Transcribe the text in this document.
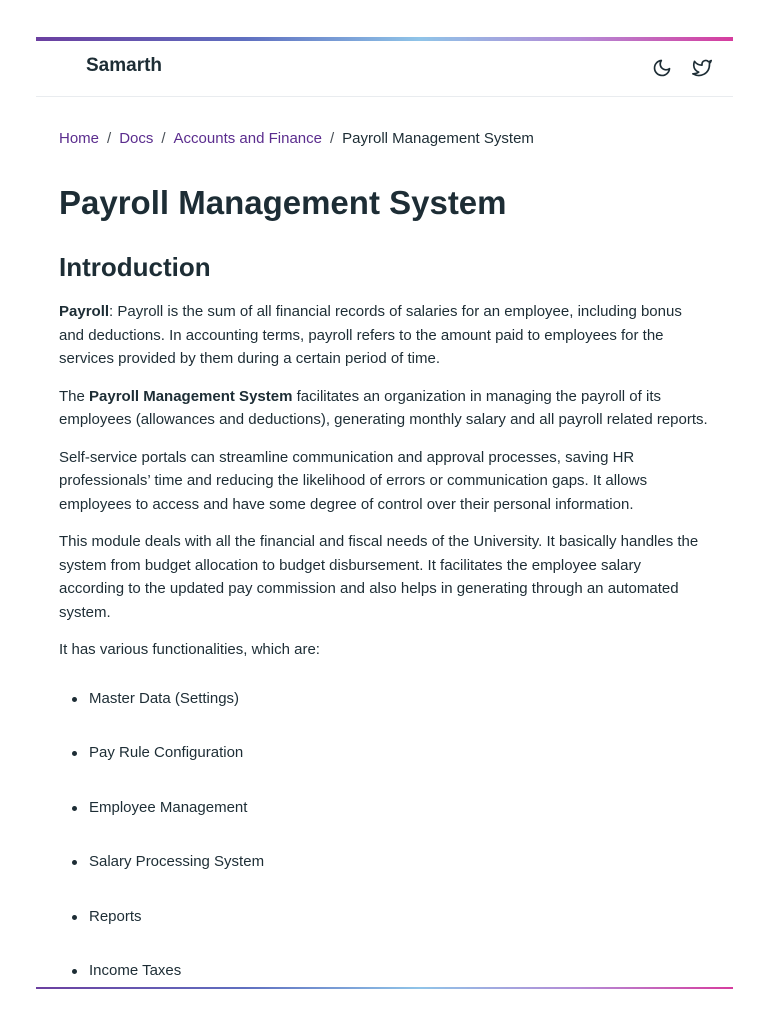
Samarth
Home / Docs / Accounts and Finance / Payroll Management System
Payroll Management System
Introduction

Payroll: Payroll is the sum of all financial records of salaries for an employee, including bonus and deductions. In accounting terms, payroll refers to the amount paid to employees for the services provided by them during a certain period of time.

The Payroll Management System facilitates an organization in managing the payroll of its employees (allowances and deductions), generating monthly salary and all payroll related reports.

Self-service portals can streamline communication and approval processes, saving HR professionals’ time and reducing the likelihood of errors or communication gaps. It allows employees to access and have some degree of control over their personal information.

This module deals with all the financial and fiscal needs of the University. It basically handles the system from budget allocation to budget disbursement. It facilitates the employee salary according to the updated pay commission and also helps in generating through an automated system.

It has various functionalities, which are:

Master Data (Settings)
Pay Rule Configuration
Employee Management
Salary Processing System
Reports
Income Taxes
